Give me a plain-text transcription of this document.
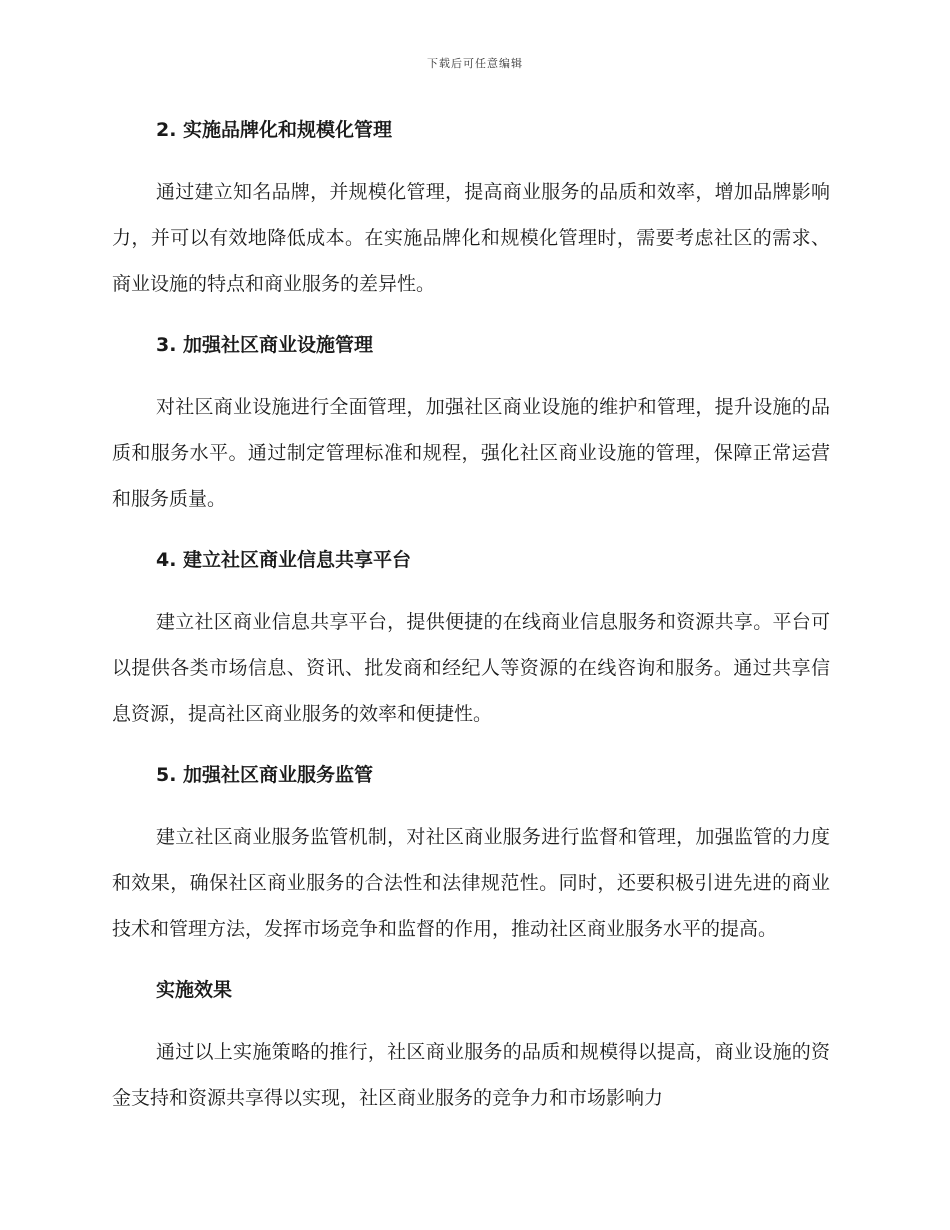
下载后可任意编辑
2. 实施品牌化和规模化管理

通过建立知名品牌，并规模化管理，提高商业服务的品质和效率，增加品牌影响力，并可以有效地降低成本。在实施品牌化和规模化管理时，需要考虑社区的需求、商业设施的特点和商业服务的差异性。

3. 加强社区商业设施管理

对社区商业设施进行全面管理，加强社区商业设施的维护和管理，提升设施的品质和服务水平。通过制定管理标准和规程，强化社区商业设施的管理，保障正常运营和服务质量。

4. 建立社区商业信息共享平台

建立社区商业信息共享平台，提供便捷的在线商业信息服务和资源共享。平台可以提供各类市场信息、资讯、批发商和经纪人等资源的在线咨询和服务。通过共享信息资源，提高社区商业服务的效率和便捷性。

5. 加强社区商业服务监管

建立社区商业服务监管机制，对社区商业服务进行监督和管理，加强监管的力度和效果，确保社区商业服务的合法性和法律规范性。同时，还要积极引进先进的商业技术和管理方法，发挥市场竞争和监督的作用，推动社区商业服务水平的提高。

实施效果

通过以上实施策略的推行，社区商业服务的品质和规模得以提高，商业设施的资金支持和资源共享得以实现，社区商业服务的竞争力和市场影响力
